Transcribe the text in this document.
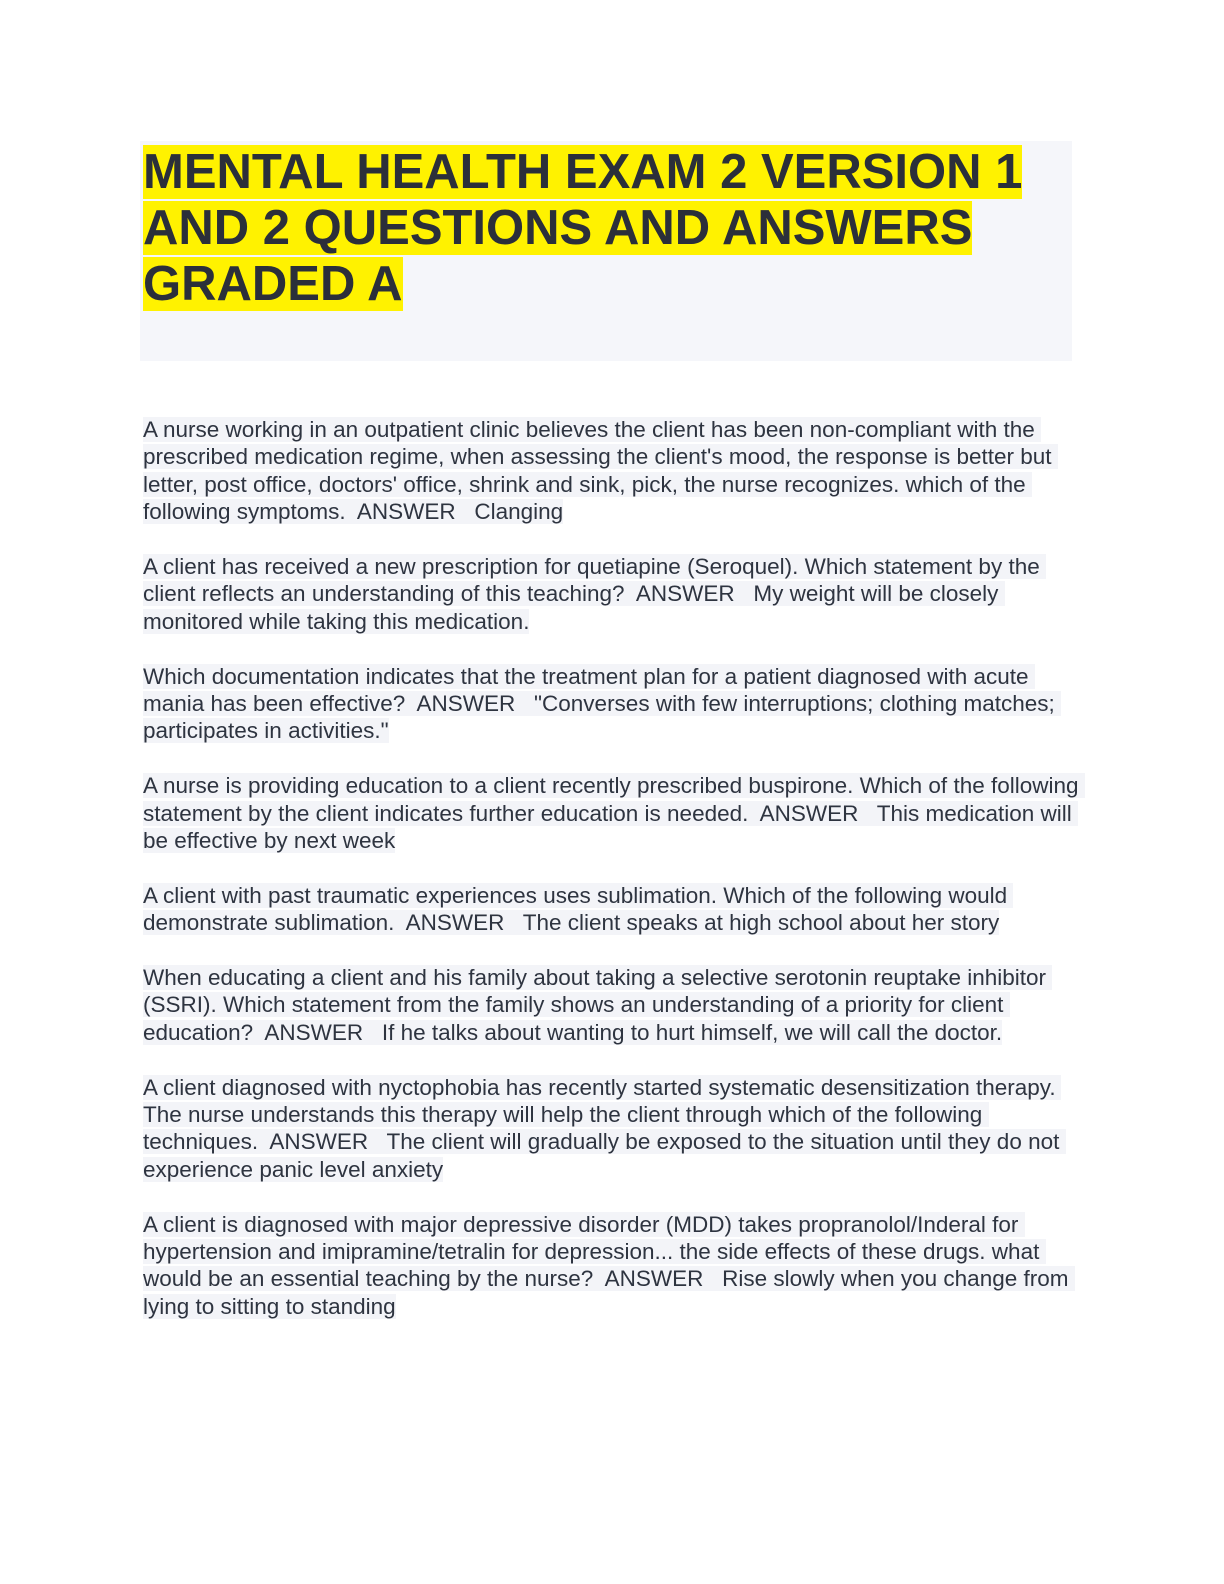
MENTAL HEALTH EXAM 2 VERSION 1 AND 2 QUESTIONS AND ANSWERS GRADED A

A nurse working in an outpatient clinic believes the client has been non-compliant with the prescribed medication regime, when assessing the client's mood, the response is better but letter, post office, doctors' office, shrink and sink, pick, the nurse recognizes. which of the following symptoms.  ANSWER   Clanging

A client has received a new prescription for quetiapine (Seroquel). Which statement by the client reflects an understanding of this teaching?  ANSWER   My weight will be closely monitored while taking this medication.

Which documentation indicates that the treatment plan for a patient diagnosed with acute mania has been effective?  ANSWER   "Converses with few interruptions; clothing matches; participates in activities."

A nurse is providing education to a client recently prescribed buspirone. Which of the following statement by the client indicates further education is needed.  ANSWER   This medication will be effective by next week

A client with past traumatic experiences uses sublimation. Which of the following would demonstrate sublimation.  ANSWER   The client speaks at high school about her story

When educating a client and his family about taking a selective serotonin reuptake inhibitor (SSRI). Which statement from the family shows an understanding of a priority for client education?  ANSWER   If he talks about wanting to hurt himself, we will call the doctor.

A client diagnosed with nyctophobia has recently started systematic desensitization therapy. The nurse understands this therapy will help the client through which of the following techniques.  ANSWER   The client will gradually be exposed to the situation until they do not experience panic level anxiety

A client is diagnosed with major depressive disorder (MDD) takes propranolol/Inderal for hypertension and imipramine/tetralin for depression... the side effects of these drugs. what would be an essential teaching by the nurse?  ANSWER   Rise slowly when you change from lying to sitting to standing
